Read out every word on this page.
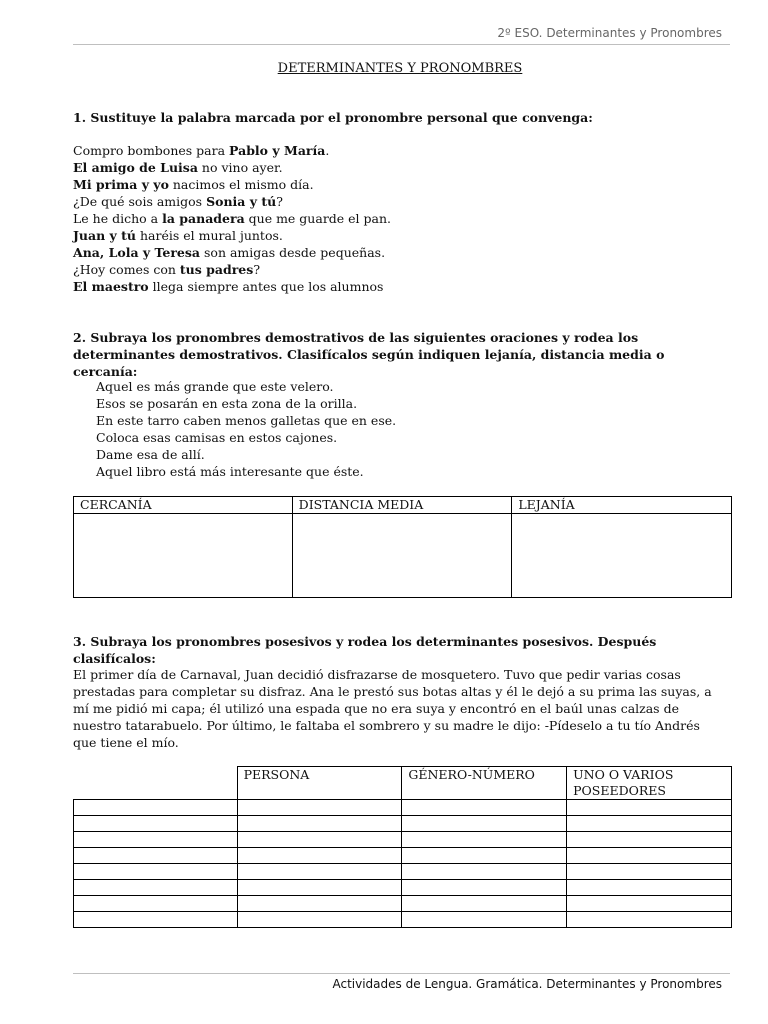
2º ESO. Determinantes y Pronombres
DETERMINANTES Y PRONOMBRES
1. Sustituye la palabra marcada por el pronombre personal que convenga:
Compro bombones para Pablo y María.
El amigo de Luisa no vino ayer.
Mi prima y yo nacimos el mismo día.
¿De qué sois amigos Sonia y tú?
Le he dicho a la panadera que me guarde el pan.
Juan y tú haréis el mural juntos.
Ana, Lola y Teresa son amigas desde pequeñas.
¿Hoy comes con tus padres?
El maestro llega siempre antes que los alumnos
2. Subraya los pronombres demostrativos de las siguientes oraciones y rodea los determinantes demostrativos. Clasifícalos según indiquen lejanía, distancia media o cercanía:
Aquel es más grande que este velero.
Esos se posarán en esta zona de la orilla.
En este tarro caben menos galletas que en ese.
Coloca esas camisas en estos cajones.
Dame esa de allí.
Aquel libro está más interesante que éste.
CERCANÍA	DISTANCIA MEDIA	LEJANÍA

3. Subraya los pronombres posesivos y rodea los determinantes posesivos. Después clasifícalos:
El primer día de Carnaval, Juan decidió disfrazarse de mosquetero. Tuvo que pedir varias cosas prestadas para completar su disfraz. Ana le prestó sus botas altas y él le dejó a su prima las suyas, a mí me pidió mi capa; él utilizó una espada que no era suya y encontró en el baúl unas calzas de nuestro tatarabuelo. Por último, le faltaba el sombrero y su madre le dijo: -Pídeselo a tu tío Andrés que tiene el mío.
	PERSONA	GÉNERO-NÚMERO	UNO O VARIOS POSEEDORES

Actividades de Lengua. Gramática. Determinantes y Pronombres
